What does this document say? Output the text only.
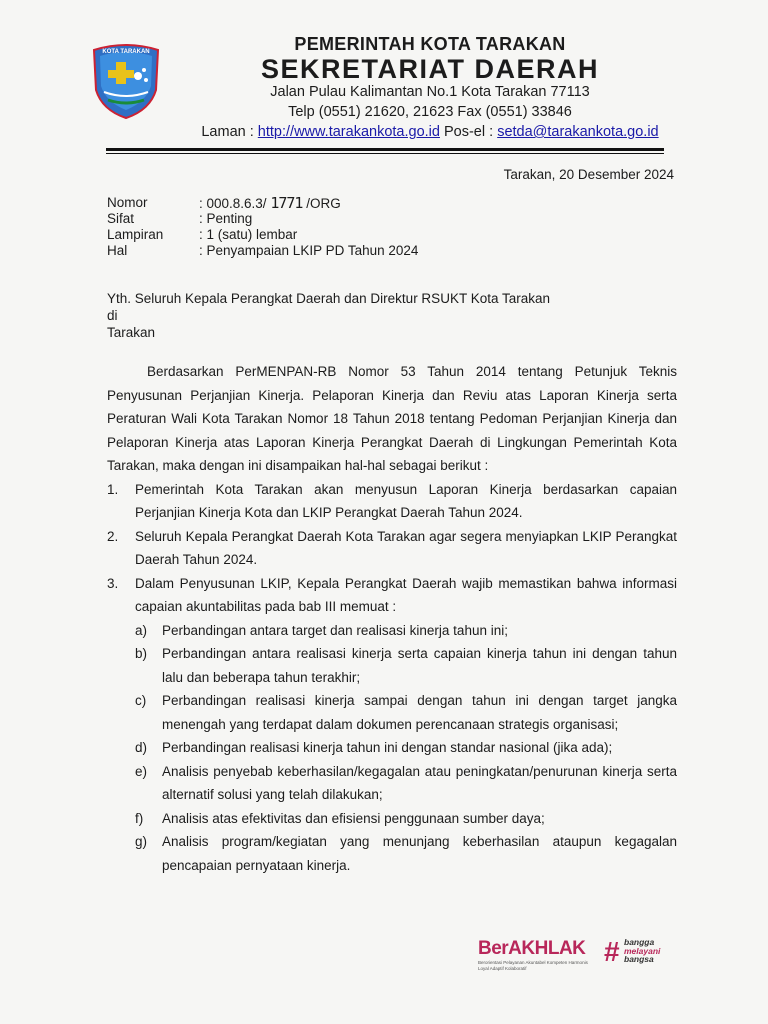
KOTA TARAKAN	PEMERINTAH KOTA TARAKAN
SEKRETARIAT DAERAH
Jalan Pulau Kalimantan No.1 Kota Tarakan 77113
Telp (0551) 21620, 21623 Fax (0551) 33846
Laman : http://www.tarakankota.go.id Pos-el : setda@tarakankota.go.id
Tarakan, 20 Desember 2024
Nomor	: 000.8.6.3/ 1771 /ORG
Sifat	: Penting
Lampiran	: 1 (satu) lembar
Hal	: Penyampaian LKIP PD Tahun 2024
Yth. Seluruh Kepala Perangkat Daerah dan Direktur RSUKT Kota Tarakan
di
Tarakan

Berdasarkan PerMENPAN-RB Nomor 53 Tahun 2014 tentang Petunjuk Teknis Penyusunan Perjanjian Kinerja. Pelaporan Kinerja dan Reviu atas Laporan Kinerja serta Peraturan Wali Kota Tarakan Nomor 18 Tahun 2018 tentang Pedoman Perjanjian Kinerja dan Pelaporan Kinerja atas Laporan Kinerja Perangkat Daerah di Lingkungan Pemerintah Kota Tarakan, maka dengan ini disampaikan hal-hal sebagai berikut :

1.	Pemerintah Kota Tarakan akan menyusun Laporan Kinerja berdasarkan capaian Perjanjian Kinerja Kota dan LKIP Perangkat Daerah Tahun 2024.
2.	Seluruh Kepala Perangkat Daerah Kota Tarakan agar segera menyiapkan LKIP Perangkat Daerah Tahun 2024.
3.	Dalam Penyusunan LKIP, Kepala Perangkat Daerah wajib memastikan bahwa informasi capaian akuntabilitas pada bab III memuat :
a)	Perbandingan antara target dan realisasi kinerja tahun ini;
b)	Perbandingan antara realisasi kinerja serta capaian kinerja tahun ini dengan tahun lalu dan beberapa tahun terakhir;
c)	Perbandingan realisasi kinerja sampai dengan tahun ini dengan target jangka menengah yang terdapat dalam dokumen perencanaan strategis organisasi;
d)	Perbandingan realisasi kinerja tahun ini dengan standar nasional (jika ada);
e)	Analisis penyebab keberhasilan/kegagalan atau peningkatan/penurunan kinerja serta alternatif solusi yang telah dilakukan;
f)	Analisis atas efektivitas dan efisiensi penggunaan sumber daya;
g)	Analisis program/kegiatan yang menunjang keberhasilan ataupun kegagalan pencapaian pernyataan kinerja.
BerAKHLAK
Berorientasi Pelayanan Akuntabel Kompeten Harmonis Loyal Adaptif Kolaboratif
# bangga
melayani
bangsa
